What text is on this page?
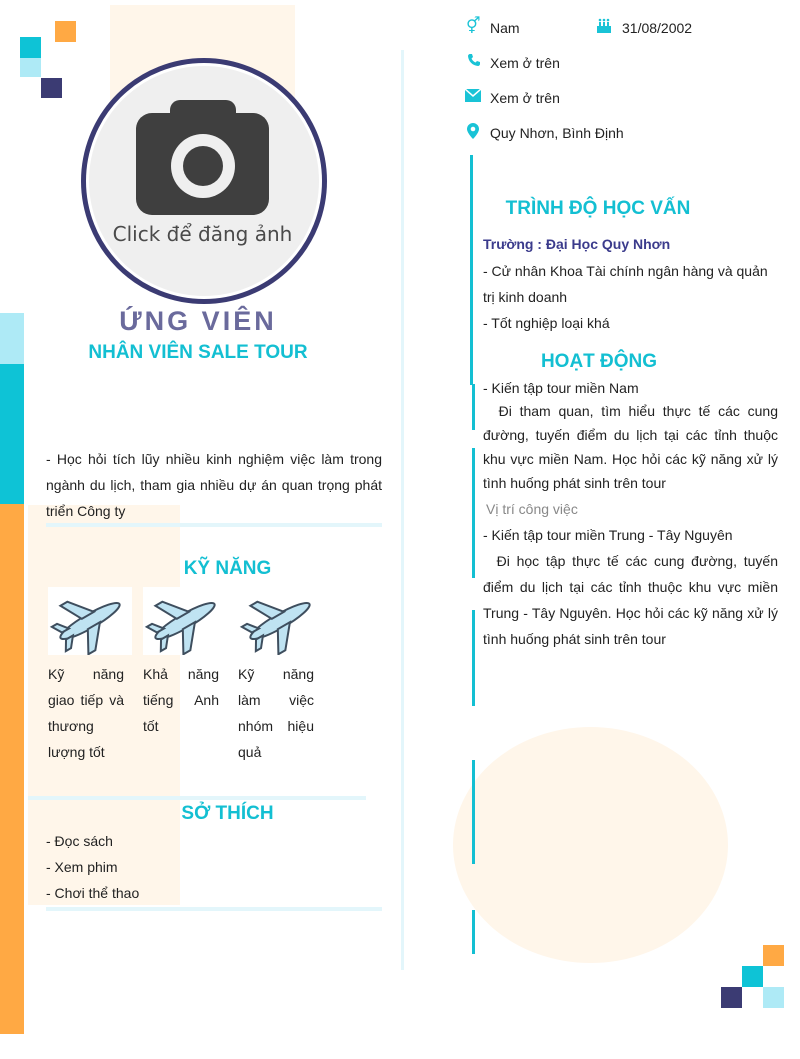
Click để đăng ảnh
ỨNG VIÊN
NHÂN VIÊN SALE TOUR
- Học hỏi tích lũy nhiều kinh nghiệm việc làm trong ngành du lịch, tham gia nhiều dự án quan trọng phát triển Công ty
KỸ NĂNG
Kỹ năng giao tiếp và thương lượng tốt
Khả năng tiếng Anh tốt
Kỹ năng làm việc nhóm hiệu quả
SỞ THÍCH
- Đọc sách
- Xem phim
- Chơi thể thao
⚥ Nam	31/08/2002
Xem ở trên
Xem ở trên
Quy Nhơn, Bình Định
TRÌNH ĐỘ HỌC VẤN
Trường : Đại Học Quy Nhơn
- Cử nhân Khoa Tài chính ngân hàng và quản trị kinh doanh
- Tốt nghiệp loại khá
HOẠT ĐỘNG
- Kiến tập tour miền Nam
Đi tham quan, tìm hiểu thực tế các cung đường, tuyến điểm du lịch tại các tỉnh thuộc khu vực miền Nam. Học hỏi các kỹ năng xử lý tình huống phát sinh trên tour
Vị trí công việc
- Kiến tập tour miền Trung - Tây Nguyên
Đi học tập thực tế các cung đường, tuyến điểm du lịch tại các tỉnh thuộc khu vực miền Trung - Tây Nguyên. Học hỏi các kỹ năng xử lý tình huống phát sinh trên tour
